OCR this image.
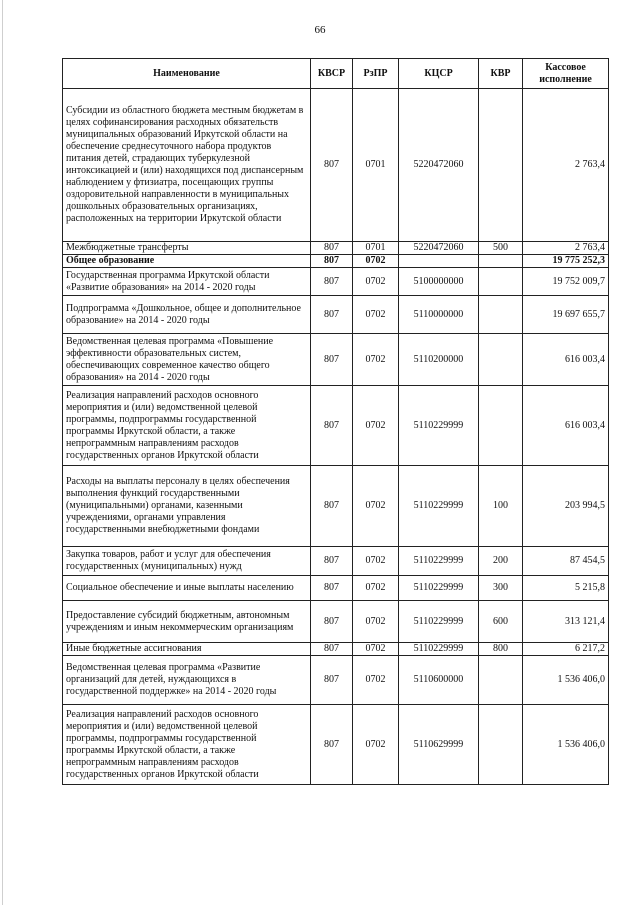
66
Наименование	КВСР	РзПР	КЦСР	КВР	Кассовое исполнение
Субсидии из областного бюджета местным бюджетам в целях софинансирования расходных обязательств муниципальных образований Иркутской области на обеспечение среднесуточного набора продуктов питания детей, страдающих туберкулезной интоксикацией и (или) находящихся под диспансерным наблюдением у фтизиатра, посещающих группы оздоровительной направленности в муниципальных дошкольных образовательных организациях, расположенных на территории Иркутской области	807	0701	5220472060		2 763,4
Межбюджетные трансферты	807	0701	5220472060	500	2 763,4
Общее образование	807	0702			19 775 252,3
Государственная программа Иркутской области «Развитие образования» на 2014 - 2020 годы	807	0702	5100000000		19 752 009,7
Подпрограмма «Дошкольное, общее и дополнительное образование» на 2014 - 2020 годы	807	0702	5110000000		19 697 655,7
Ведомственная целевая программа «Повышение эффективности образовательных систем, обеспечивающих современное качество общего образования» на 2014 - 2020 годы	807	0702	5110200000		616 003,4
Реализация направлений расходов основного мероприятия и (или) ведомственной целевой программы, подпрограммы государственной программы Иркутской области, а также непрограммным направлениям расходов государственных органов Иркутской области	807	0702	5110229999		616 003,4
Расходы на выплаты персоналу в целях обеспечения выполнения функций государственными (муниципальными) органами, казенными учреждениями, органами управления государственными внебюджетными фондами	807	0702	5110229999	100	203 994,5
Закупка товаров, работ и услуг для обеспечения государственных (муниципальных) нужд	807	0702	5110229999	200	87 454,5
Социальное обеспечение и иные выплаты населению	807	0702	5110229999	300	5 215,8
Предоставление субсидий бюджетным, автономным учреждениям и иным некоммерческим организациям	807	0702	5110229999	600	313 121,4
Иные бюджетные ассигнования	807	0702	5110229999	800	6 217,2
Ведомственная целевая программа «Развитие организаций для детей, нуждающихся в государственной поддержке» на 2014 - 2020 годы	807	0702	5110600000		1 536 406,0
Реализация направлений расходов основного мероприятия и (или) ведомственной целевой программы, подпрограммы государственной программы Иркутской области, а также непрограммным направлениям расходов государственных органов Иркутской области	807	0702	5110629999		1 536 406,0
